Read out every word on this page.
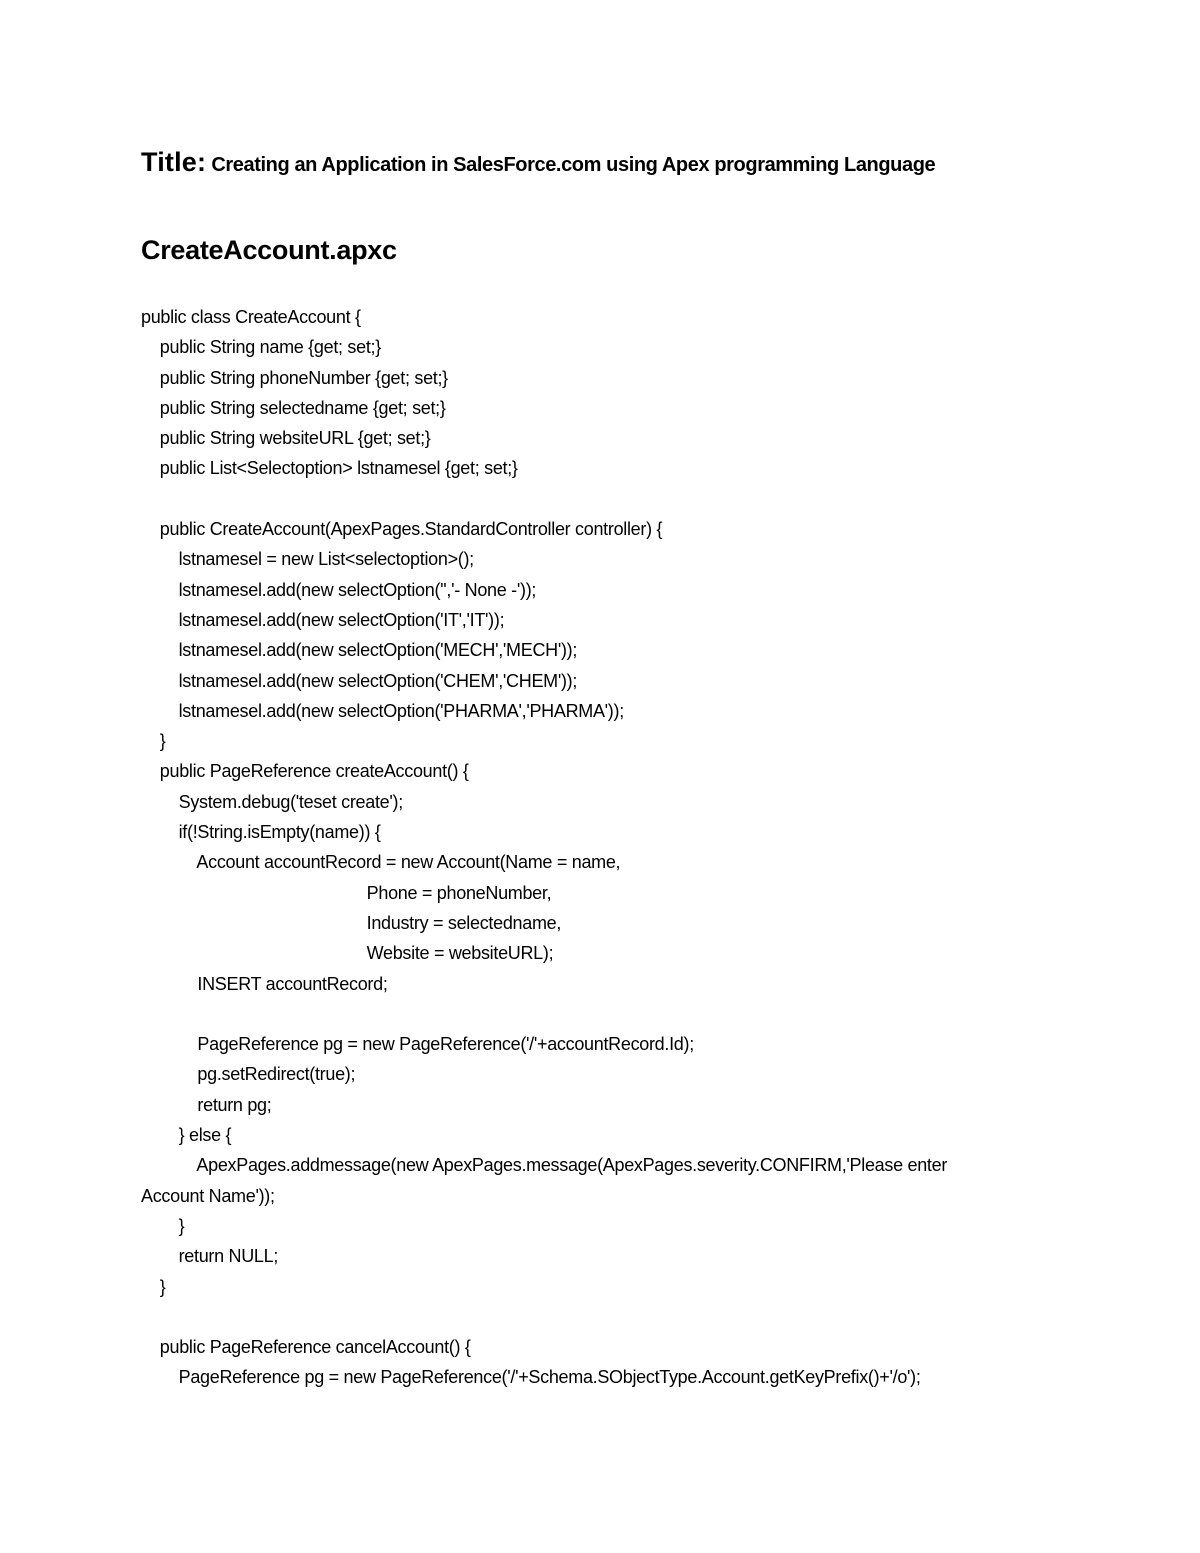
Title: Creating an Application in SalesForce.com using Apex programming Language
CreateAccount.apxc
public class CreateAccount {
public String name {get; set;}
public String phoneNumber {get; set;}
public String selectedname {get; set;}
public String websiteURL {get; set;}
public List<Selectoption> lstnamesel {get; set;}
public CreateAccount(ApexPages.StandardController controller) {
lstnamesel = new List<selectoption>();
lstnamesel.add(new selectOption('','- None -'));
lstnamesel.add(new selectOption('IT','IT'));
lstnamesel.add(new selectOption('MECH','MECH'));
lstnamesel.add(new selectOption('CHEM','CHEM'));
lstnamesel.add(new selectOption('PHARMA','PHARMA'));
}
public PageReference createAccount() {
System.debug('teset create');
if(!String.isEmpty(name)) {
Account accountRecord = new Account(Name = name,
Phone = phoneNumber,
Industry = selectedname,
Website = websiteURL);
INSERT accountRecord;
PageReference pg = new PageReference('/'+accountRecord.Id);
pg.setRedirect(true);
return pg;
} else {
ApexPages.addmessage(new ApexPages.message(ApexPages.severity.CONFIRM,'Please enter
Account Name'));
}
return NULL;
}
public PageReference cancelAccount() {
PageReference pg = new PageReference('/'+Schema.SObjectType.Account.getKeyPrefix()+'/o');
